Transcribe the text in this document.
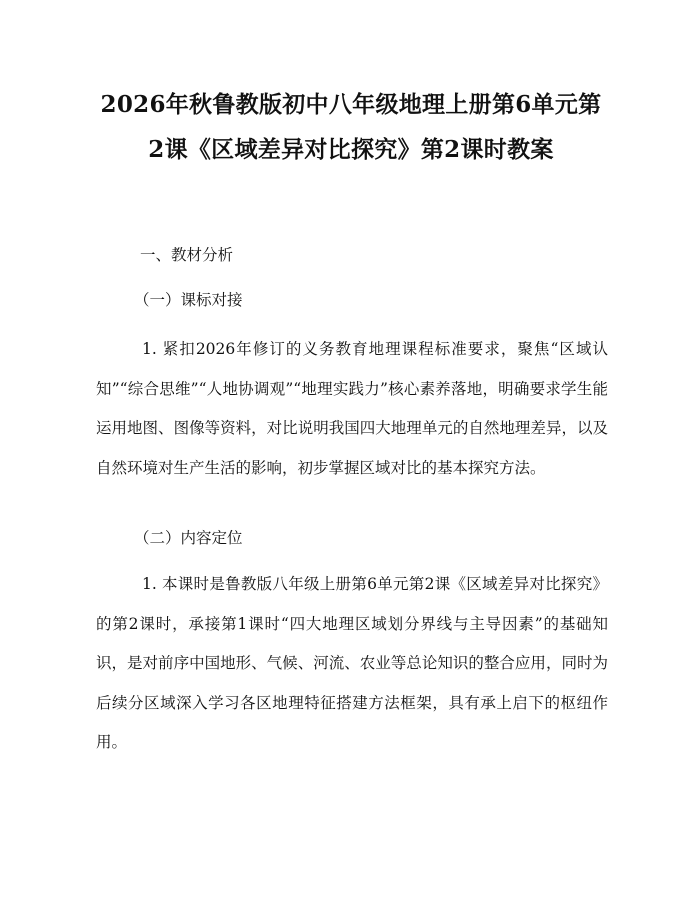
2026年秋鲁教版初中八年级地理上册第6单元第2课《区域差异对比探究》第2课时教案
一、教材分析
（一）课标对接
1. 紧扣2026年修订的义务教育地理课程标准要求，聚焦“区域认知”“综合思维”“人地协调观”“地理实践力”核心素养落地，明确要求学生能运用地图、图像等资料，对比说明我国四大地理单元的自然地理差异，以及自然环境对生产生活的影响，初步掌握区域对比的基本探究方法。
（二）内容定位
1. 本课时是鲁教版八年级上册第6单元第2课《区域差异对比探究》的第2课时，承接第1课时“四大地理区域划分界线与主导因素”的基础知识，是对前序中国地形、气候、河流、农业等总论知识的整合应用，同时为后续分区域深入学习各区地理特征搭建方法框架，具有承上启下的枢纽作用。
